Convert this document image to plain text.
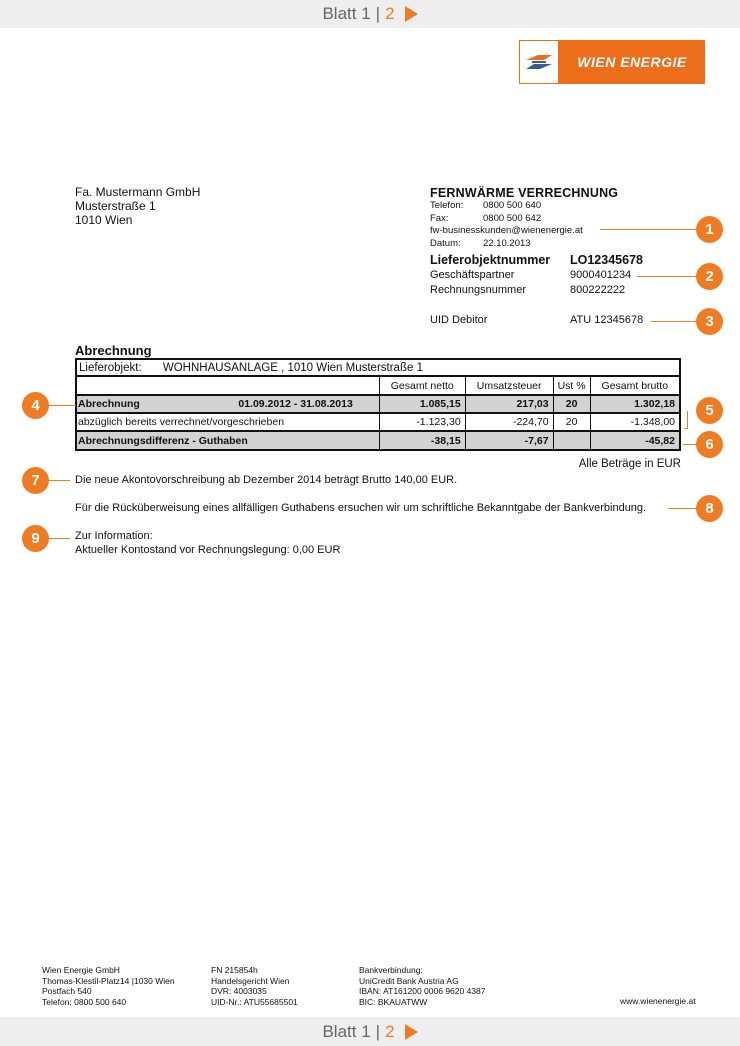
Blatt 1 | 2
WIEN ENERGIE
Fa. Mustermann GmbH
Musterstraße 1
1010 Wien
FERNWÄRME VERRECHNUNG
Telefon:	0800 500 640
Fax:	0800 500 642
fw-businesskunden@wienenergie.at
Datum:	22.10.2013
Lieferobjektnummer	LO12345678
Geschäftspartner	9000401234
Rechnungsnummer	800222222
UID Debitor	ATU 12345678
Abrechnung
Lieferobjekt: WOHNHAUSANLAGE , 1010 Wien Musterstraße 1
	Gesamt netto	Umsatzsteuer	Ust %	Gesamt brutto
Abrechnung 01.09.2012 - 31.08.2013	1.085,15	217,03	20	1.302,18
abzüglich bereits verrechnet/vorgeschrieben	-1.123,30	-224,70	20	-1.348,00
Abrechnungsdifferenz - Guthaben	-38,15	-7,67		-45,82
Alle Beträge in EUR
Die neue Akontovorschreibung ab Dezember 2014 beträgt Brutto 140,00 EUR.
Für die Rücküberweisung eines allfälligen Guthabens ersuchen wir um schriftliche Bekanntgabe der Bankverbindung.
Zur Information:
Aktueller Kontostand vor Rechnungslegung: 0,00 EUR
1
2
3
4	5
6
7
8
9
Wien Energie GmbH
Thomas-Klestil-Platz14 |1030 Wien
Postfach 540
Telefon: 0800 500 640
FN 215854h
Handelsgericht Wien
DVR: 4003035
UID-Nr.: ATU55685501
Bankverbindung:
UniCredit Bank Austria AG
IBAN: AT161200 0006 9620 4387
BIC: BKAUATWW	www.wienenergie.at
Blatt 1 | 2
